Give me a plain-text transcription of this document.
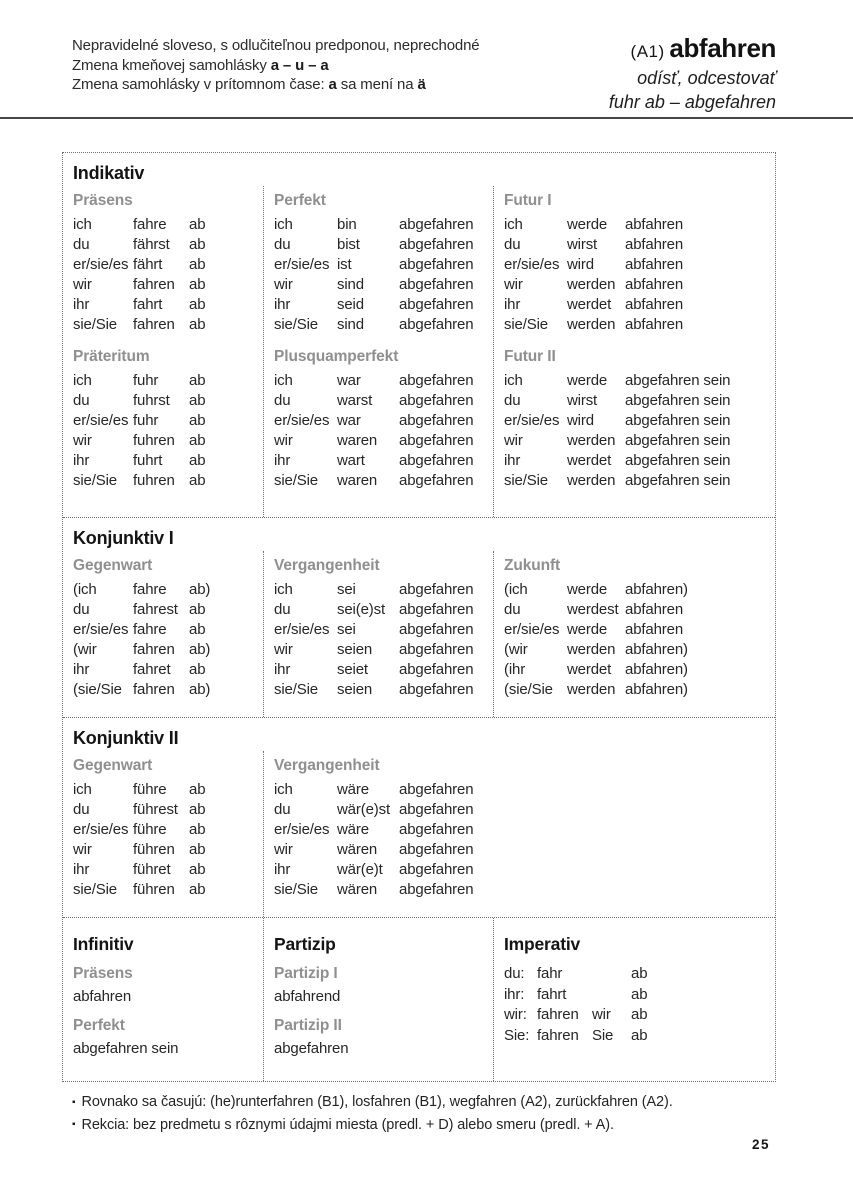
Nepravidelné sloveso, s odlučiteľnou predponou, neprechodné
Zmena kmeňovej samohlásky a – u – a
Zmena samohlásky v prítomnom čase: a sa mení na ä
(A1) abfahren
odísť, odcestovať
fuhr ab – abgefahren
Indikativ
Präsens
ich	fahre	ab
du	fährst	ab
er/sie/es fährt	ab
wir	fahren ab
ihr	fahrt	ab
sie/Sie	fahren ab
Präteritum
ich	fuhr	ab
du	fuhrst	ab
er/sie/es fuhr	ab
wir	fuhren ab
ihr	fuhrt	ab
sie/Sie	fuhren ab
Perfekt
ich	bin	abgefahren
du	bist	abgefahren
er/sie/es ist	abgefahren
wir	sind	abgefahren
ihr	seid	abgefahren
sie/Sie	sind	abgefahren
Plusquamperfekt
ich	war	abgefahren
du	warst	abgefahren
er/sie/es war	abgefahren
wir	waren	abgefahren
ihr	wart	abgefahren
sie/Sie	waren	abgefahren
Futur I
ich	werde	abfahren
du	wirst	abfahren
er/sie/es wird	abfahren
wir	werden abfahren
ihr	werdet abfahren
sie/Sie	werden abfahren
Futur II
ich	werde	abgefahren sein
du	wirst	abgefahren sein
er/sie/es wird	abgefahren sein
wir	werden abgefahren sein
ihr	werdet abgefahren sein
sie/Sie	werden abgefahren sein
Konjunktiv I
Gegenwart
(ich	fahre	ab)
du	fahrest ab
er/sie/es fahre	ab
(wir	fahren ab)
ihr	fahret	ab
(sie/Sie fahren ab)
Vergangenheit
ich	sei	abgefahren
du	sei(e)st abgefahren
er/sie/es sei	abgefahren
wir	seien	abgefahren
ihr	seiet	abgefahren
sie/Sie	seien	abgefahren
Zukunft
(ich	werde	abfahren)
du	werdest abfahren
er/sie/es werde	abfahren
(wir	werden abfahren)
(ihr	werdet abfahren)
(sie/Sie werden abfahren)
Konjunktiv II
Gegenwart
ich	führe	ab
du	führest ab
er/sie/es führe	ab
wir	führen ab
ihr	führet	ab
sie/Sie	führen ab
Vergangenheit
ich	wäre	abgefahren
du	wär(e)st abgefahren
er/sie/es wäre	abgefahren
wir	wären	abgefahren
ihr	wär(e)t	abgefahren
sie/Sie	wären	abgefahren
Infinitiv
Präsens
abfahren
Perfekt
abgefahren sein
Partizip
Partizip I
abfahrend
Partizip II
abgefahren
Imperativ
du: fahr	ab
ihr: fahrt	ab
wir: fahren wir	ab
Sie: fahren Sie	ab
▪ Rovnako sa časujú: (he)runterfahren (B1), losfahren (B1), wegfahren (A2), zurückfahren (A2).
▪ Rekcia: bez predmetu s rôznymi údajmi miesta (predl. + D) alebo smeru (predl. + A).
25
